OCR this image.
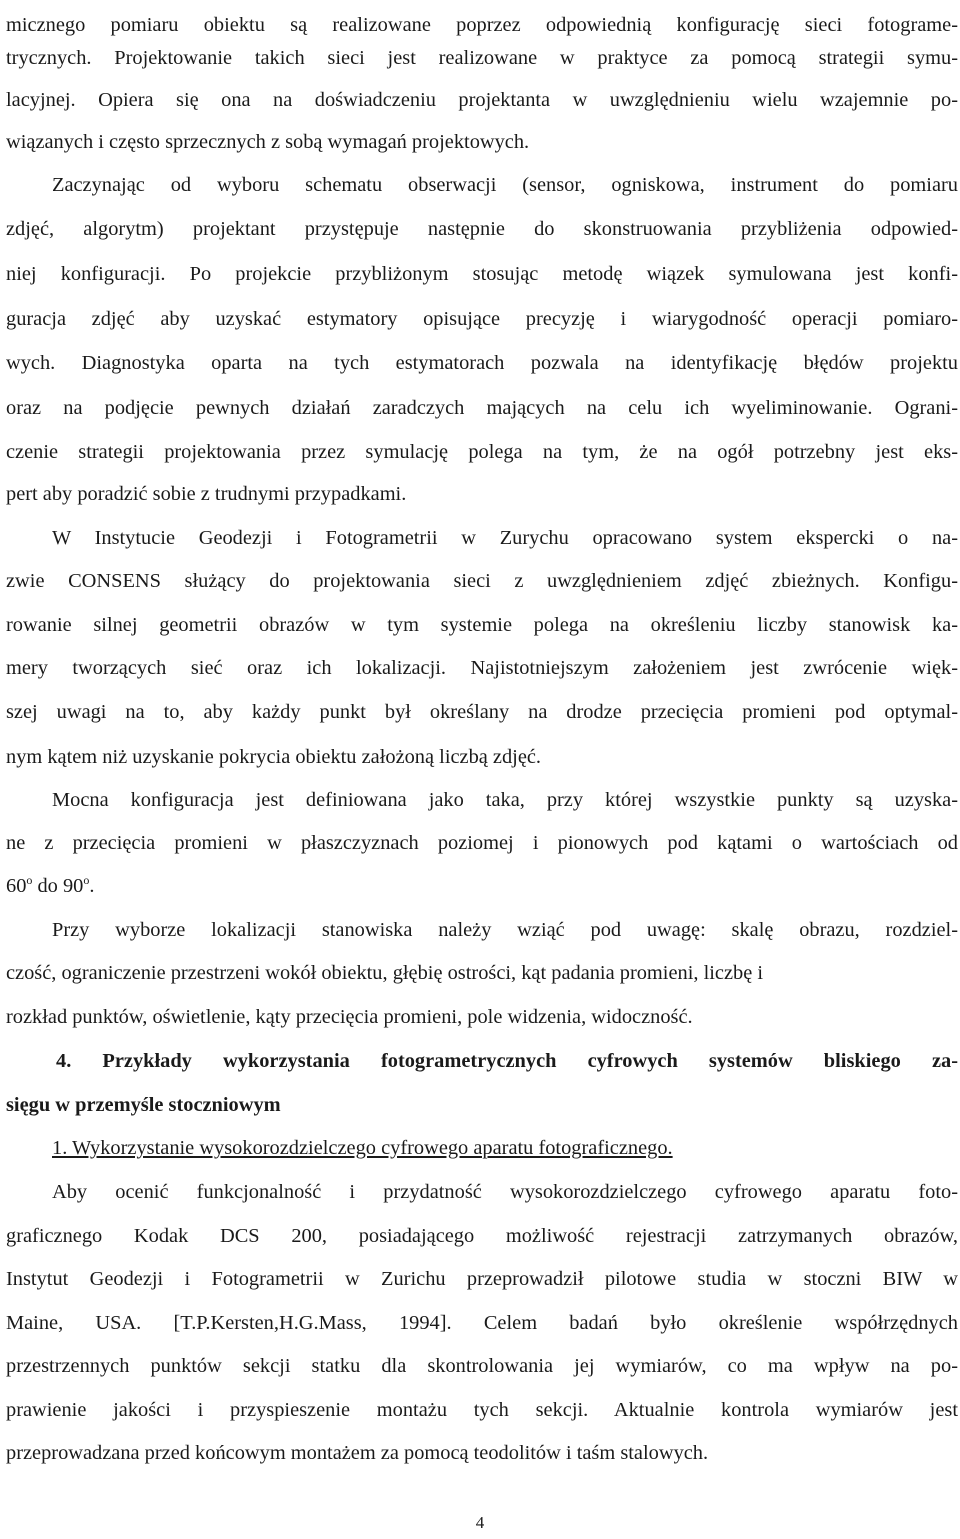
micznego pomiaru obiektu są realizowane poprzez odpowiednią konfigurację sieci fotograme-
trycznych. Projektowanie takich sieci jest realizowane w praktyce za pomocą strategii symu-
lacyjnej. Opiera się ona na doświadczeniu projektanta w uwzględnieniu wielu wzajemnie po-
wiązanych i często sprzecznych z sobą wymagań projektowych.
Zaczynając od wyboru schematu obserwacji (sensor, ogniskowa, instrument do pomiaru
zdjęć, algorytm) projektant przystępuje następnie do skonstruowania przybliżenia odpowied-
niej konfiguracji. Po projekcie przybliżonym stosując metodę wiązek symulowana jest konfi-
guracja zdjęć aby uzyskać estymatory opisujące precyzję i wiarygodność operacji pomiaro-
wych. Diagnostyka oparta na tych estymatorach pozwala na identyfikację błędów projektu
oraz na podjęcie pewnych działań zaradczych mających na celu ich wyeliminowanie. Ograni-
czenie strategii projektowania przez symulację polega na tym, że na ogół potrzebny jest eks-
pert aby poradzić sobie z trudnymi przypadkami.
W Instytucie Geodezji i Fotogrametrii w Zurychu opracowano system ekspercki o na-
zwie CONSENS służący do projektowania sieci z uwzględnieniem zdjęć zbieżnych. Konfigu-
rowanie silnej geometrii obrazów w tym systemie polega na określeniu liczby stanowisk ka-
mery tworzących sieć oraz ich lokalizacji. Najistotniejszym założeniem jest zwrócenie więk-
szej uwagi na to, aby każdy punkt był określany na drodze przecięcia promieni pod optymal-
nym kątem niż uzyskanie pokrycia obiektu założoną liczbą zdjęć.
Mocna konfiguracja jest definiowana jako taka, przy której wszystkie punkty są uzyska-
ne z przecięcia promieni w płaszczyznach poziomej i pionowych pod kątami o wartościach od
60$^o$ do 90$^o$.
Przy wyborze lokalizacji stanowiska należy wziąć pod uwagę: skalę obrazu, rozdziel-
czość, ograniczenie przestrzeni wokół obiektu, głębię ostrości, kąt padania promieni, liczbę i
rozkład punktów, oświetlenie, kąty przecięcia promieni, pole widzenia, widoczność.
4. Przykłady wykorzystania fotogrametrycznych cyfrowych systemów bliskiego za-
sięgu w przemyśle stoczniowym
1. Wykorzystanie wysokorozdzielczego cyfrowego aparatu fotograficznego.
Aby ocenić funkcjonalność i przydatność wysokorozdzielczego cyfrowego aparatu foto-
graficznego Kodak DCS 200, posiadającego możliwość rejestracji zatrzymanych obrazów,
Instytut Geodezji i Fotogrametrii w Zurichu przeprowadził pilotowe studia w stoczni BIW w
Maine, USA. [T.P.Kersten,H.G.Mass, 1994]. Celem badań było określenie współrzędnych
przestrzennych punktów sekcji statku dla skontrolowania jej wymiarów, co ma wpływ na po-
prawienie jakości i przyspieszenie montażu tych sekcji. Aktualnie kontrola wymiarów jest
przeprowadzana przed końcowym montażem za pomocą teodolitów i taśm stalowych.
4
